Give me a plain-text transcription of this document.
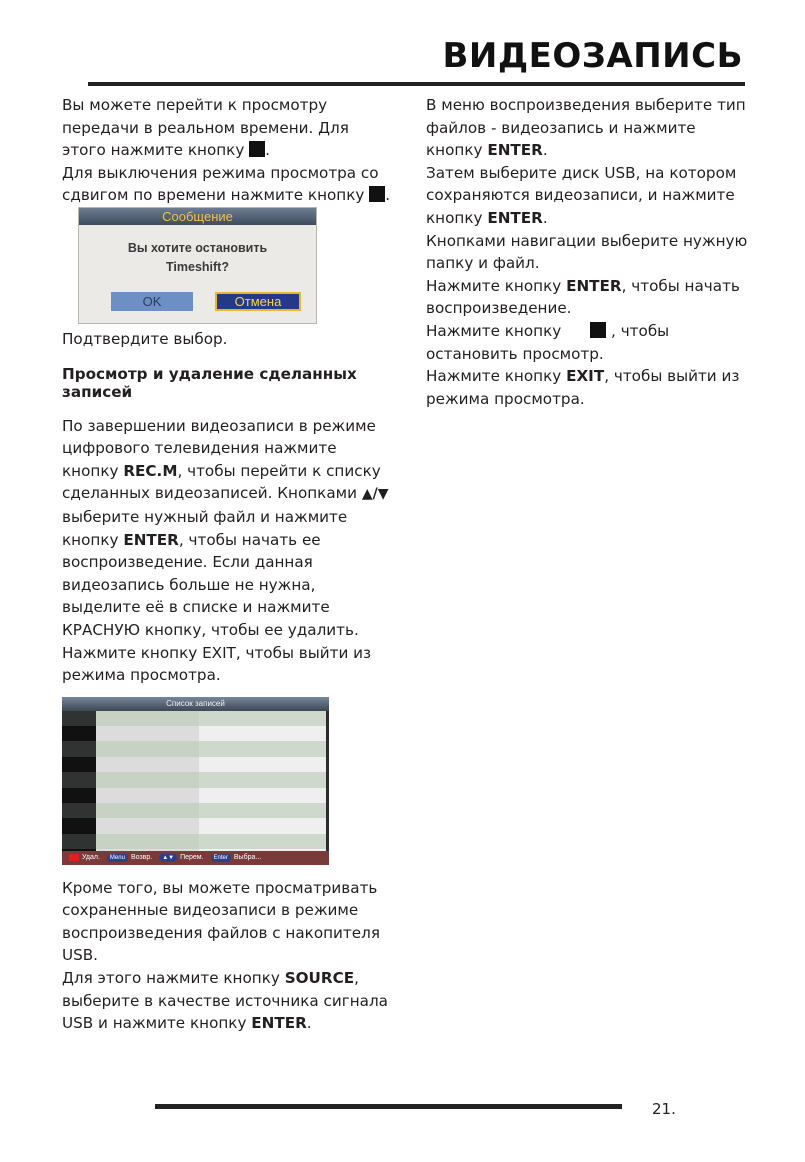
ВИДЕОЗАПИСЬ

Вы можете перейти к просмотру передачи в реальном времени. Для этого нажмите кнопку .

Для выключения режима просмотра со сдвигом по времени нажмите кнопку .

Сообщение
Вы хотите остановить
Timeshift?
OK	Отмена

Подтвердите выбор.

Просмотр и удаление сделанных записей

По завершении видеозаписи в режиме цифрового телевидения нажмите кнопку REC.M, чтобы перейти к списку сделанных видеозаписей. Кнопками ▲/▼ выберите нужный файл и нажмите кнопку ENTER, чтобы начать ее воспроизведение. Если данная видеозапись больше не нужна, выделите её в списке и нажмите КРАСНУЮ кнопку, чтобы ее удалить. Нажмите кнопку EXIT, чтобы выйти из режима просмотра.

Список записей
Удал.	Menu Возвр.	▲▼ Перем.	Enter Выбра...

Кроме того, вы можете просматривать сохраненные видеозаписи в режиме воспроизведения файлов с накопителя USB.

Для этого нажмите кнопку SOURCE, выберите в качестве источника сигнала USB и нажмите кнопку ENTER.

В меню воспроизведения выберите тип файлов - видеозапись и нажмите кнопку ENTER.

Затем выберите диск USB, на котором сохраняются видеозаписи, и нажмите кнопку ENTER.

Кнопками навигации выберите нужную папку и файл.

Нажмите кнопку ENTER, чтобы начать воспроизведение.

Нажмите кнопку	, чтобы остановить просмотр.

Нажмите кнопку EXIT, чтобы выйти из режима просмотра.

21.
